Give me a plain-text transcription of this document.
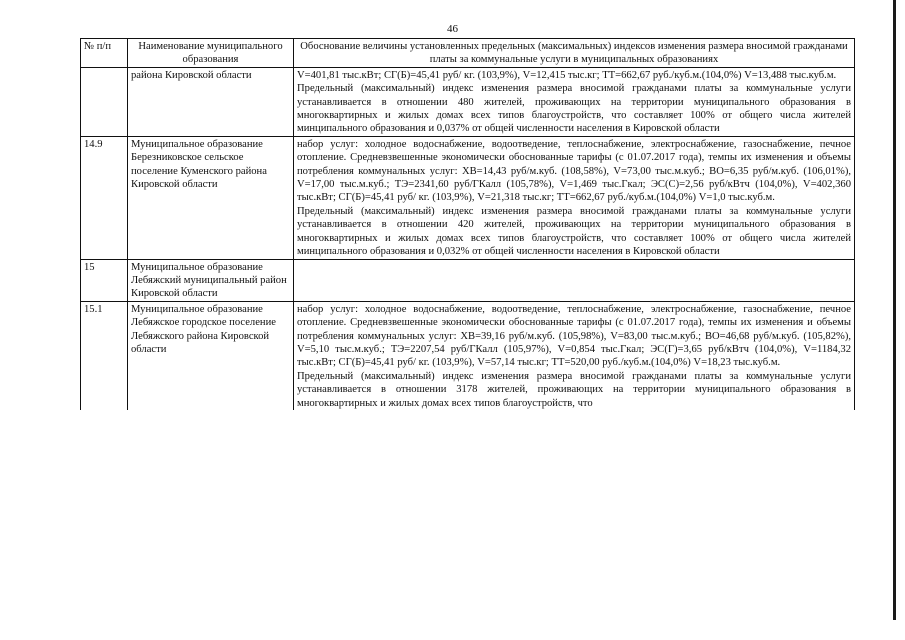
46
№ п/п	Наименование муниципального образования	Обоснование величины установленных предельных (максимальных) индексов изменения размера вносимой гражданами платы за коммунальные услуги в муниципальных образованиях
	района Кировской области	V=401,81 тыс.кВт; СГ(Б)=45,41 руб/ кг. (103,9%), V=12,415 тыс.кг; ТТ=662,67 руб./куб.м.(104,0%) V=13,488 тыс.куб.м.

Предельный (максимальный) индекс изменения размера вносимой гражданами платы за коммунальные услуги устанавливается в отношении 480 жителей, проживающих на территории муниципального образования в многоквартирных и жилых домах всех типов благоустройств, что составляет 100% от общего числа жителей минципального образования и 0,037% от общей численности населения в Кировской области

14.9	Муниципальное образование Березниковское сельское поселение Куменского района Кировской области	набор услуг: холодное водоснабжение, водоотведение, теплоснабжение, электроснабжение, газоснабжение, печное отопление. Средневзвешенные экономически обоснованные тарифы (с 01.07.2017 года), темпы их изменения и объемы потребления коммунальных услуг: ХВ=14,43 руб/м.куб. (108,58%), V=73,00 тыс.м.куб.; ВО=6,35 руб/м.куб. (106,01%), V=17,00 тыс.м.куб.; ТЭ=2341,60 руб/ГКалл (105,78%), V=1,469 тыс.Гкал; ЭС(С)=2,56 руб/кВтч (104,0%), V=402,360 тыс.кВт; СГ(Б)=45,41 руб/ кг. (103,9%), V=21,318 тыс.кг; ТТ=662,67 руб./куб.м.(104,0%) V=1,0 тыс.куб.м.

Предельный (максимальный) индекс изменения размера вносимой гражданами платы за коммунальные услуги устанавливается в отношении 420 жителей, проживающих на территории муниципального образования в многоквартирных и жилых домах всех типов благоустройств, что составляет 100% от общего числа жителей минципального образования и 0,032% от общей численности населения в Кировской области

15	Муниципальное образование Лебяжский муниципальный район Кировской области	

15.1	Муниципальное образование Лебяжское городское поселение Лебяжского района Кировской области	набор услуг: холодное водоснабжение, водоотведение, теплоснабжение, электроснабжение, газоснабжение, печное отопление. Средневзвешенные экономически обоснованные тарифы (с 01.07.2017 года), темпы их изменения и объемы потребления коммунальных услуг: ХВ=39,16 руб/м.куб. (105,98%), V=83,00 тыс.м.куб.; ВО=46,68 руб/м.куб. (105,82%), V=5,10 тыс.м.куб.; ТЭ=2207,54 руб/ГКалл (105,97%), V=0,854 тыс.Гкал; ЭС(Г)=3,65 руб/кВтч (104,0%), V=1184,32 тыс.кВт; СГ(Б)=45,41 руб/ кг. (103,9%), V=57,14 тыс.кг; ТТ=520,00 руб./куб.м.(104,0%) V=18,23 тыс.куб.м.

Предельный (максимальный) индекс изменения размера вносимой гражданами платы за коммунальные услуги устанавливается в отношении 3178 жителей, проживающих на территории муниципального образования в многоквартирных и жилых домах всех типов благоустройств, что
